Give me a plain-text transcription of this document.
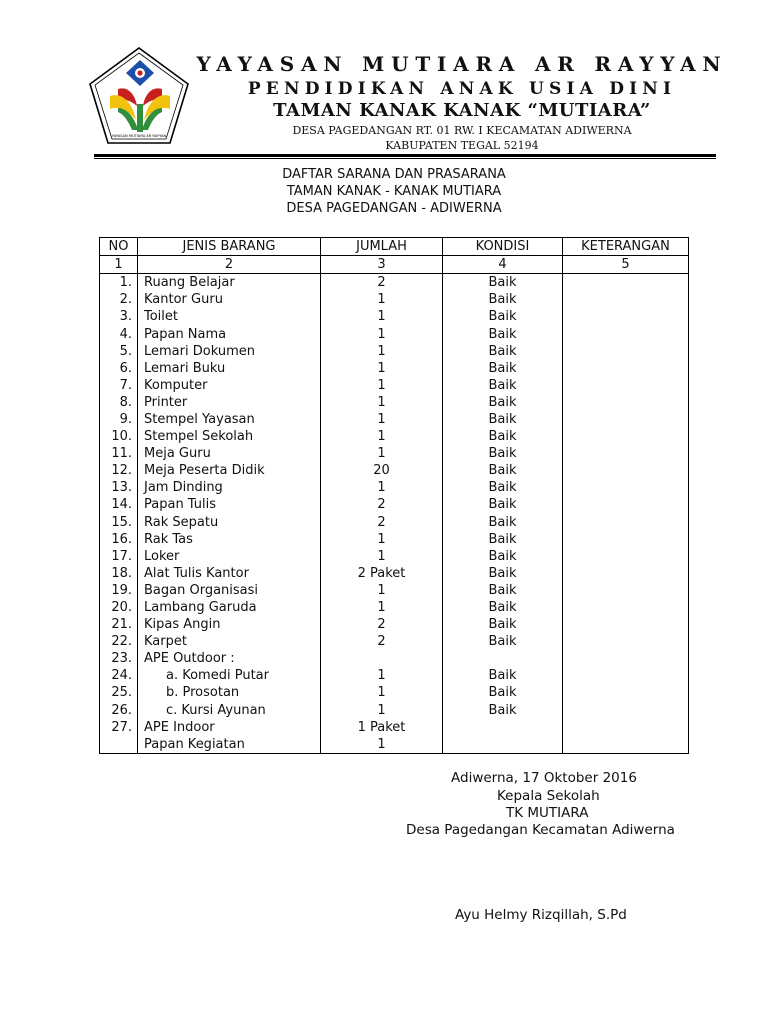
YAYASAN MUTIARA AR RAYYAN
YAYASAN MUTIARA AR RAYYAN
PENDIDIKAN ANAK USIA DINI
TAMAN KANAK KANAK “MUTIARA”
DESA PAGEDANGAN RT. 01 RW. I KECAMATAN ADIWERNA
KABUPATEN TEGAL 52194
DAFTAR SARANA DAN PRASARANA
TAMAN KANAK - KANAK MUTIARA
DESA PAGEDANGAN - ADIWERNA
NO	JENIS BARANG	JUMLAH	KONDISI	KETERANGAN
1	2	3	4	5
1.	Ruang Belajar	2	Baik	
2.	Kantor Guru	1	Baik	
3.	Toilet	1	Baik	
4.	Papan Nama	1	Baik	
5.	Lemari Dokumen	1	Baik	
6.	Lemari Buku	1	Baik	
7.	Komputer	1	Baik	
8.	Printer	1	Baik	
9.	Stempel Yayasan	1	Baik	
10.	Stempel Sekolah	1	Baik	
11.	Meja Guru	1	Baik	
12.	Meja Peserta Didik	20	Baik	
13.	Jam Dinding	1	Baik	
14.	Papan Tulis	2	Baik	
15.	Rak Sepatu	2	Baik	
16.	Rak Tas	1	Baik	
17.	Loker	1	Baik	
18.	Alat Tulis Kantor	2 Paket	Baik	
19.	Bagan Organisasi	1	Baik	
20.	Lambang Garuda	1	Baik	
21.	Kipas Angin	2	Baik	
22.	Karpet	2	Baik	
23.	APE Outdoor :			
24.	a. Komedi Putar	1	Baik	
25.	b. Prosotan	1	Baik	
26.	c. Kursi Ayunan	1	Baik	
27.	APE Indoor	1 Paket		
	Papan Kegiatan	1		
Adiwerna, 17 Oktober 2016
Kepala Sekolah
TK MUTIARA
Desa Pagedangan Kecamatan Adiwerna
Ayu Helmy Rizqillah, S.Pd
